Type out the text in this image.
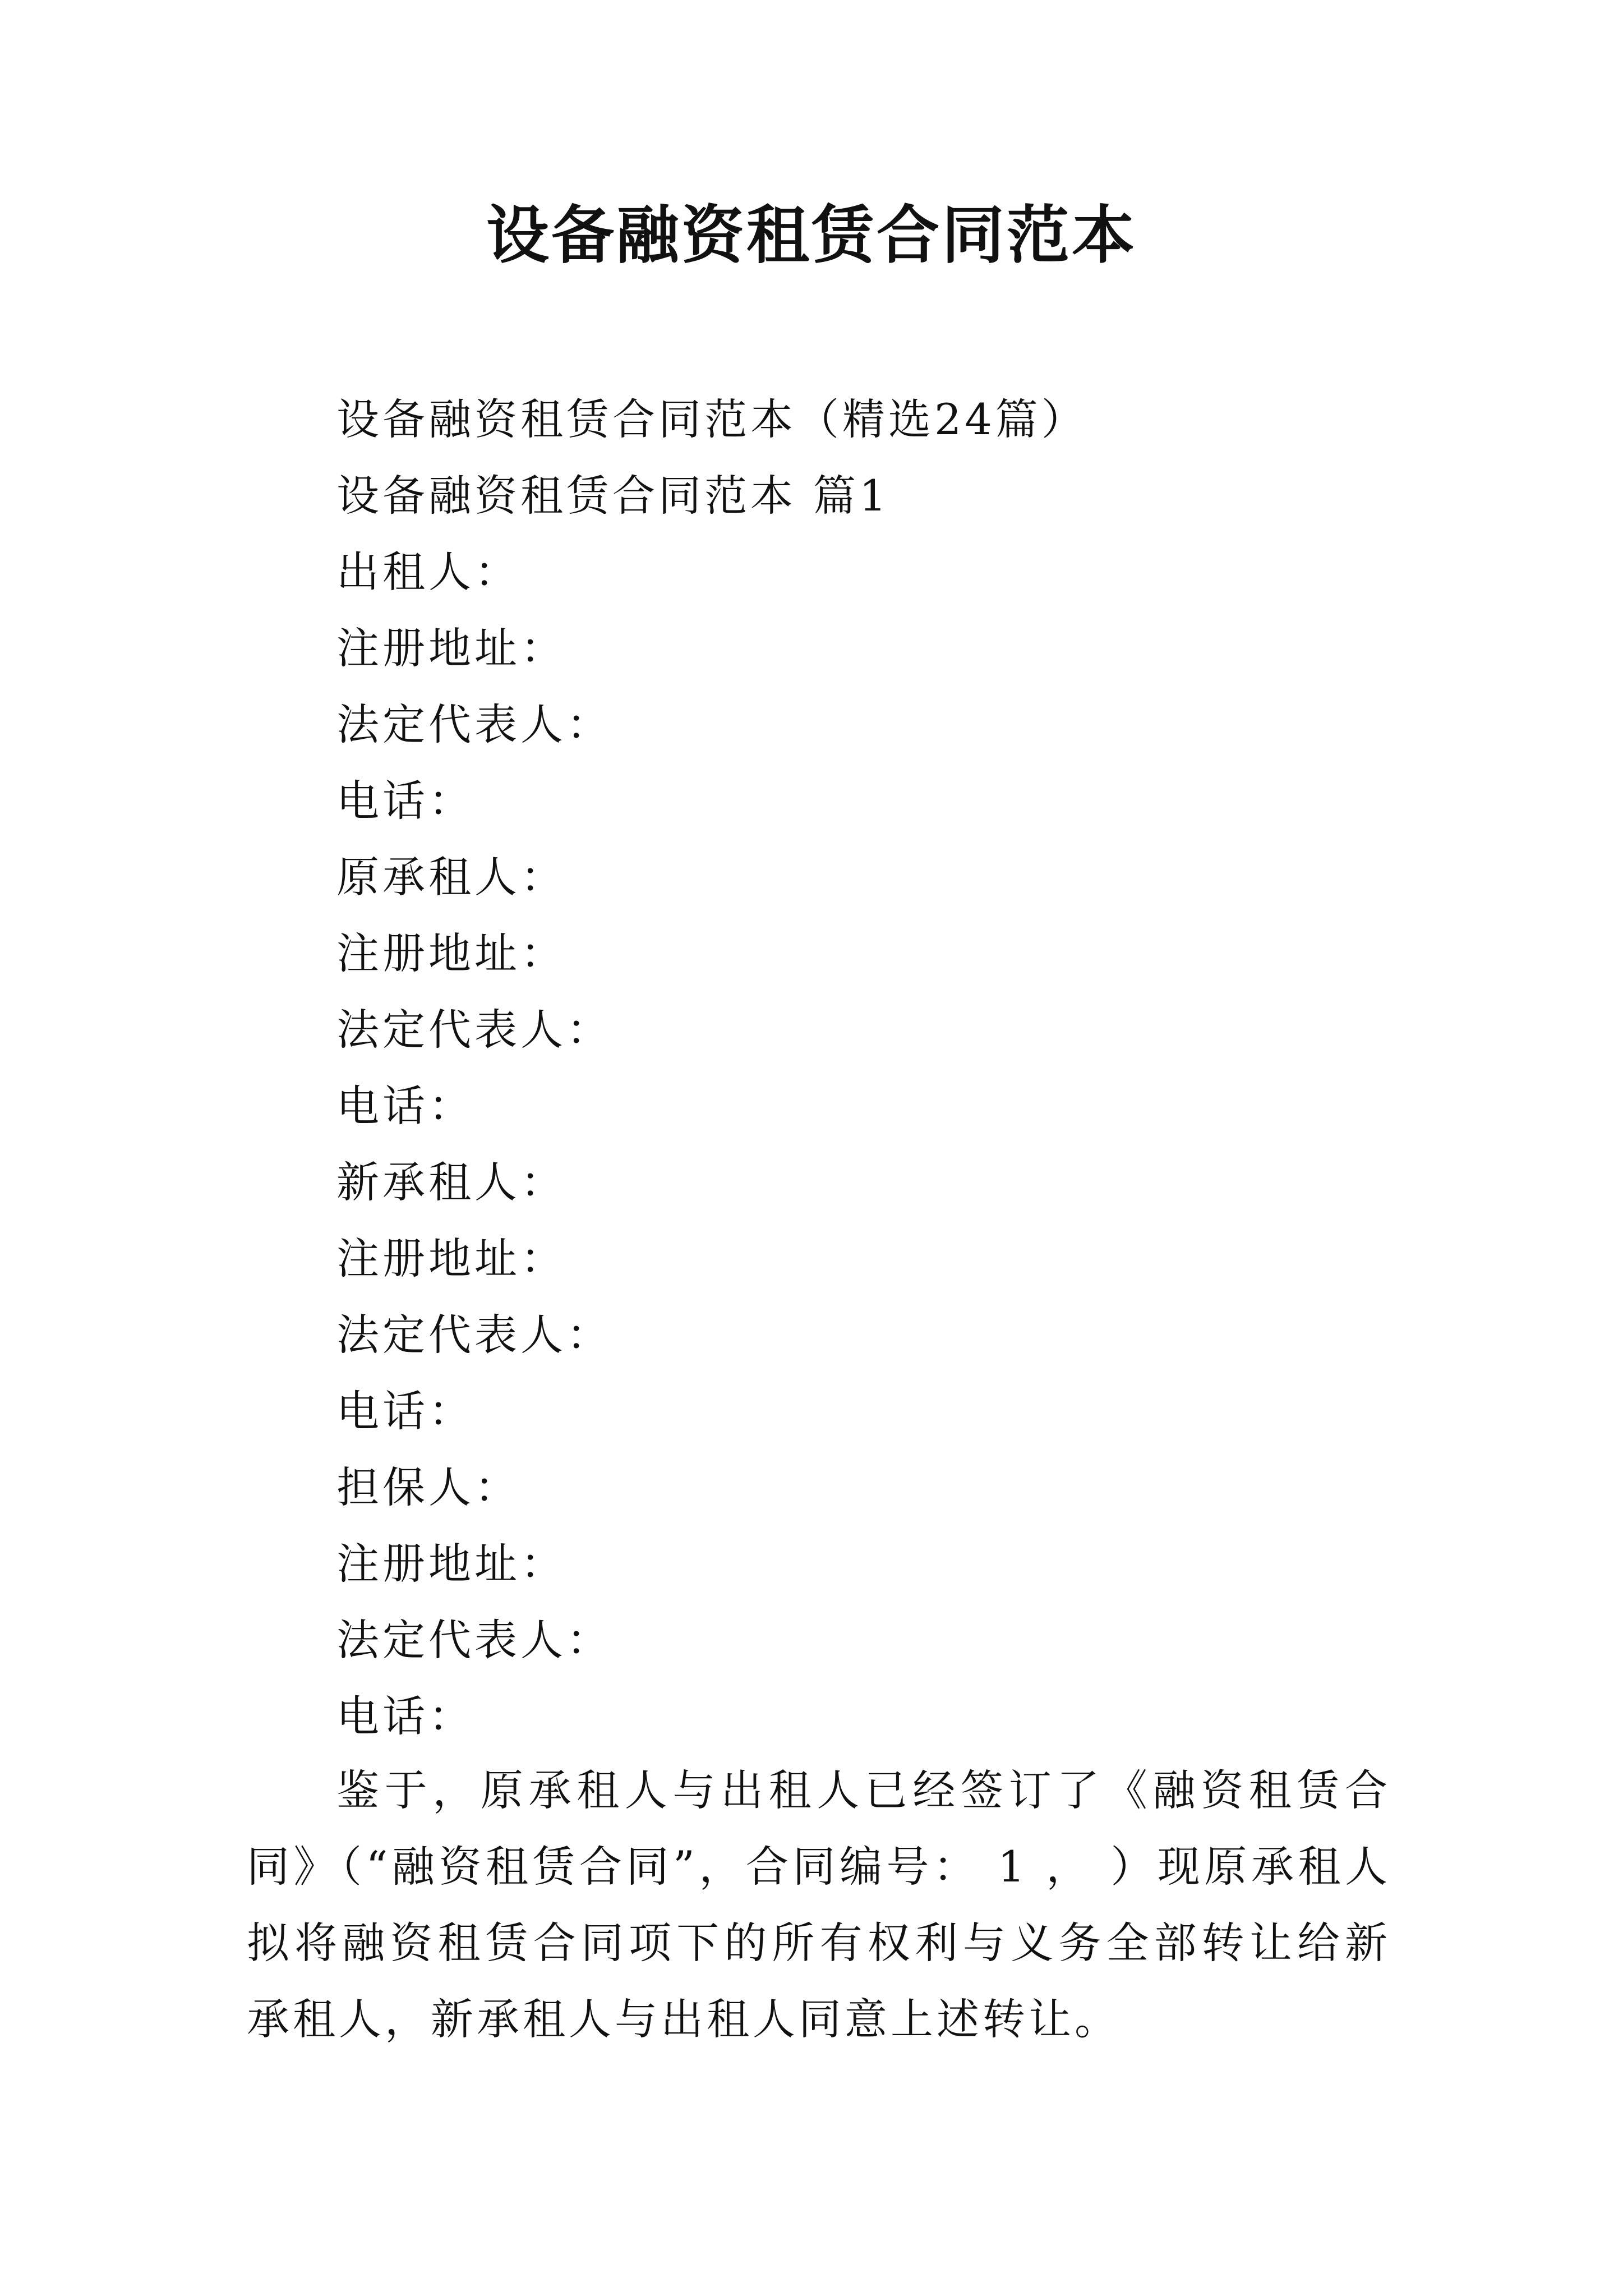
设备融资租赁合同范本
设备融资租赁合同范本（精选24篇）
设备融资租赁合同范本 篇1
出租人：
注册地址：
法定代表人：
电话：
原承租人：
注册地址：
法定代表人：
电话：
新承租人：
注册地址：
法定代表人：
电话：
担保人：
注册地址：
法定代表人：
电话：

鉴于，原承租人与出租人已经签订了《融资租赁合同》（“融资租赁合同”，合同编号： 1 ， ）现原承租人拟将融资租赁合同项下的所有权利与义务全部转让给新承租人，新承租人与出租人同意上述转让。
